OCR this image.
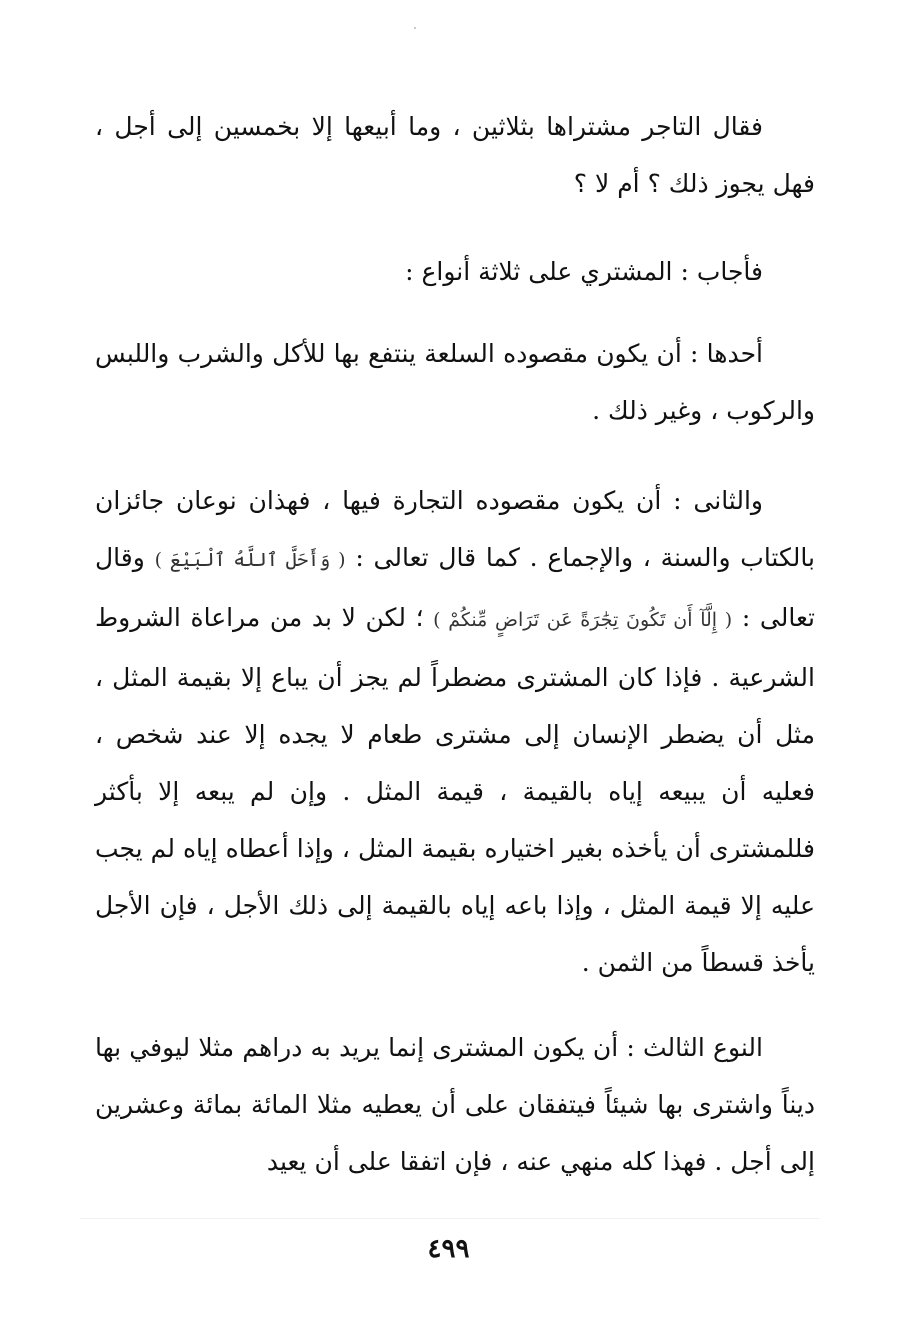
فقال التاجر مشتراها بثلاثين ، وما أبيعها إلا بخمسين إلى أجل ، فهل يجوز ذلك ؟ أم لا ؟

فأجاب : المشتري على ثلاثة أنواع :

أحدها : أن يكون مقصوده السلعة ينتفع بها للأكل والشرب واللبس والركوب ، وغير ذلك .

والثانى : أن يكون مقصوده التجارة فيها ، فهذان نوعان جائزان بالكتاب والسنة ، والإجماع . كما قال تعالى : ( وَأَحَلَّ ٱللَّهُ ٱلْبَيْعَ ) وقال تعالى : ( إِلَّآ أَن تَكُونَ تِجَٰرَةً عَن تَرَاضٍ مِّنكُمْ ) ؛ لكن لا بد من مراعاة الشروط الشرعية . فإذا كان المشترى مضطراً لم يجز أن يباع إلا بقيمة المثل ، مثل أن يضطر الإنسان إلى مشترى طعام لا يجده إلا عند شخص ، فعليه أن يبيعه إياه بالقيمة ، قيمة المثل . وإن لم يبعه إلا بأكثر فللمشترى أن يأخذه بغير اختياره بقيمة المثل ، وإذا أعطاه إياه لم يجب عليه إلا قيمة المثل ، وإذا باعه إياه بالقيمة إلى ذلك الأجل ، فإن الأجل يأخذ قسطاً من الثمن .

النوع الثالث : أن يكون المشترى إنما يريد به دراهم مثلا ليوفي بها ديناً واشترى بها شيئاً فيتفقان على أن يعطيه مثلا المائة بمائة وعشرين إلى أجل . فهذا كله منهي عنه ، فإن اتفقا على أن يعيد

٤٩٩
